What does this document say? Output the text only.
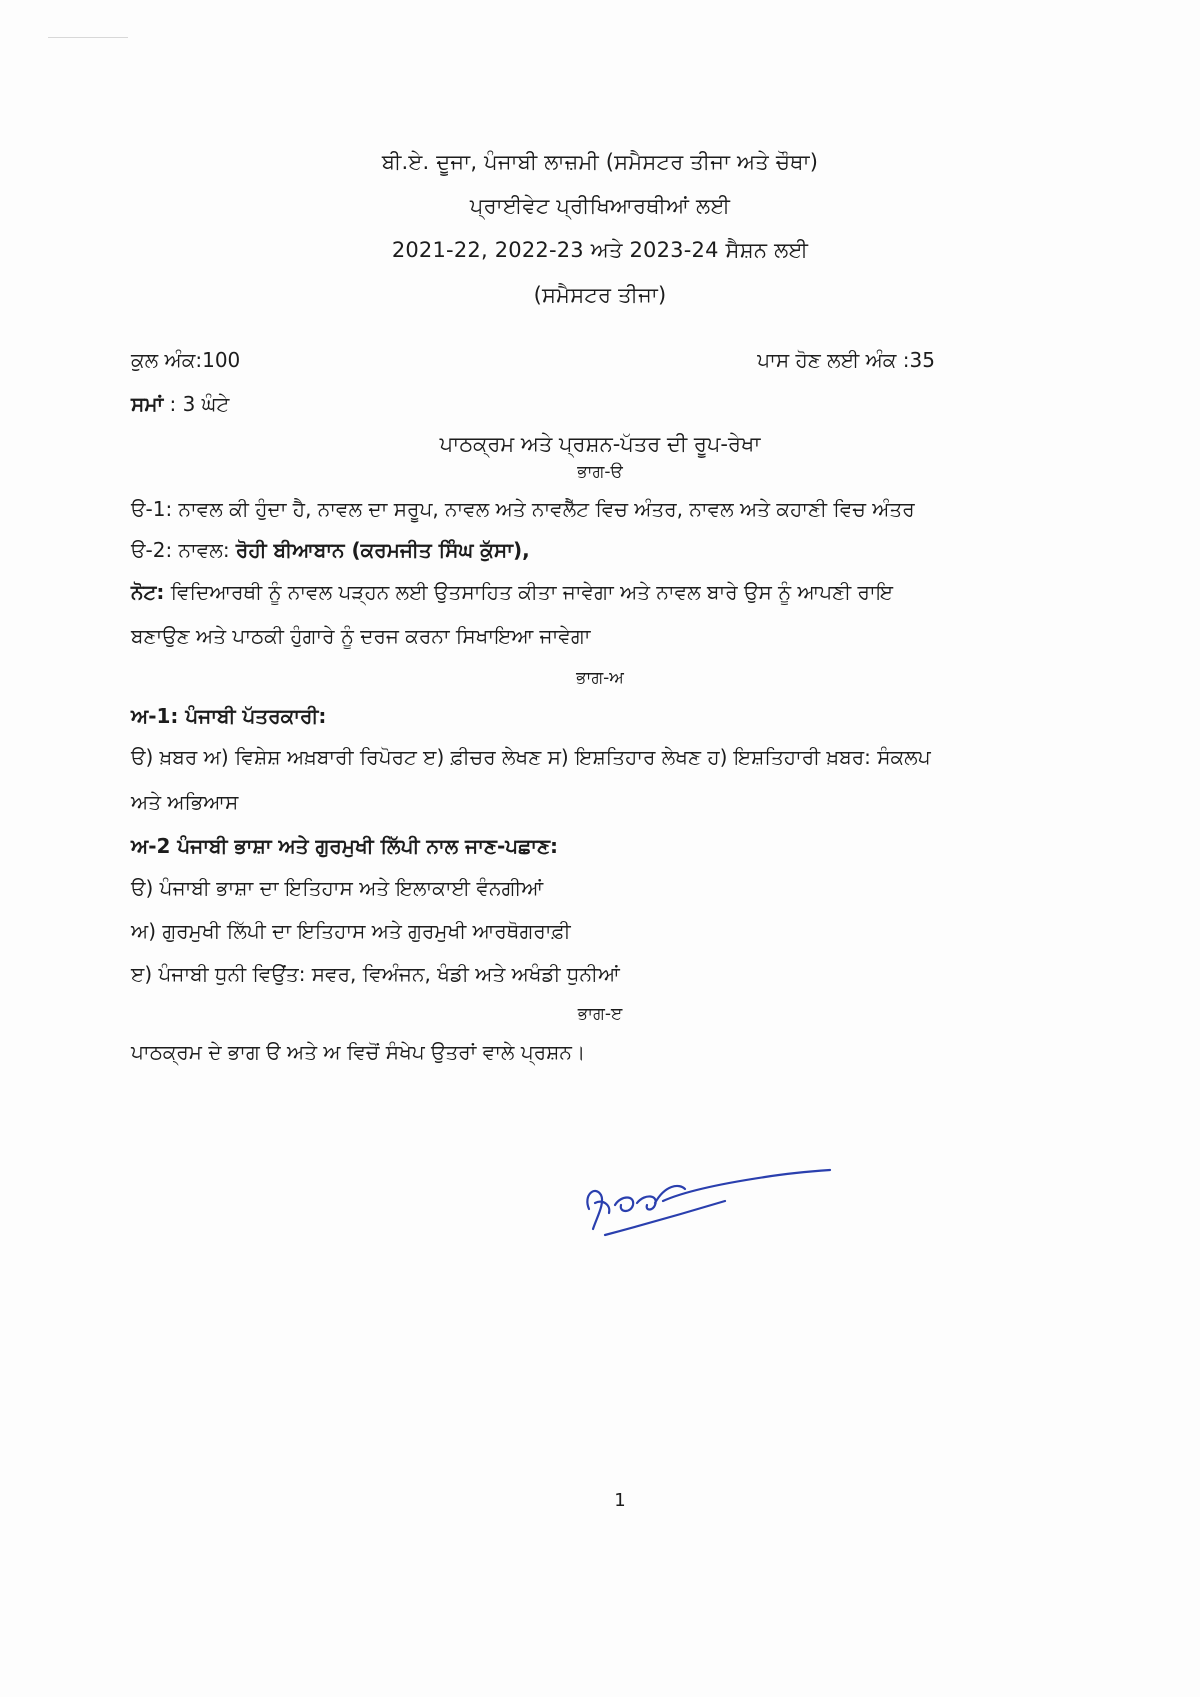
ਬੀ.ਏ. ਦੂਜਾ, ਪੰਜਾਬੀ ਲਾਜ਼ਮੀ (ਸਮੈਸਟਰ ਤੀਜਾ ਅਤੇ ਚੌਥਾ)
ਪ੍ਰਾਈਵੇਟ ਪ੍ਰੀਖਿਆਰਥੀਆਂ ਲਈ
2021-22, 2022-23 ਅਤੇ 2023-24 ਸੈਸ਼ਨ ਲਈ
(ਸਮੈਸਟਰ ਤੀਜਾ)
ਕੁਲ ਅੰਕ:100	ਪਾਸ ਹੋਣ ਲਈ ਅੰਕ :35
ਸਮਾਂ : 3 ਘੰਟੇ
ਪਾਠਕ੍ਰਮ ਅਤੇ ਪ੍ਰਸ਼ਨ-ਪੱਤਰ ਦੀ ਰੂਪ-ਰੇਖਾ
ਭਾਗ-ੳ
ੳ-1: ਨਾਵਲ ਕੀ ਹੁੰਦਾ ਹੈ, ਨਾਵਲ ਦਾ ਸਰੂਪ, ਨਾਵਲ ਅਤੇ ਨਾਵਲੈੱਟ ਵਿਚ ਅੰਤਰ, ਨਾਵਲ ਅਤੇ ਕਹਾਣੀ ਵਿਚ ਅੰਤਰ
ੳ-2: ਨਾਵਲ: ਰੋਹੀ ਬੀਆਬਾਨ (ਕਰਮਜੀਤ ਸਿੰਘ ਕੁੱਸਾ),
ਨੋਟ: ਵਿਦਿਆਰਥੀ ਨੂੰ ਨਾਵਲ ਪੜ੍ਹਨ ਲਈ ਉਤਸਾਹਿਤ ਕੀਤਾ ਜਾਵੇਗਾ ਅਤੇ ਨਾਵਲ ਬਾਰੇ ਉਸ ਨੂੰ ਆਪਣੀ ਰਾਇ
ਬਣਾਉਣ ਅਤੇ ਪਾਠਕੀ ਹੁੰਗਾਰੇ ਨੂੰ ਦਰਜ ਕਰਨਾ ਸਿਖਾਇਆ ਜਾਵੇਗਾ
ਭਾਗ-ਅ
ਅ-1: ਪੰਜਾਬੀ ਪੱਤਰਕਾਰੀ:
ੳ) ਖ਼ਬਰ ਅ) ਵਿਸ਼ੇਸ਼ ਅਖ਼ਬਾਰੀ ਰਿਪੋਰਟ ੲ) ਫ਼ੀਚਰ ਲੇਖਣ ਸ) ਇਸ਼ਤਿਹਾਰ ਲੇਖਣ ਹ) ਇਸ਼ਤਿਹਾਰੀ ਖ਼ਬਰ: ਸੰਕਲਪ
ਅਤੇ ਅਭਿਆਸ
ਅ-2 ਪੰਜਾਬੀ ਭਾਸ਼ਾ ਅਤੇ ਗੁਰਮੁਖੀ ਲਿੱਪੀ ਨਾਲ ਜਾਣ-ਪਛਾਣ:
ੳ) ਪੰਜਾਬੀ ਭਾਸ਼ਾ ਦਾ ਇਤਿਹਾਸ ਅਤੇ ਇਲਾਕਾਈ ਵੰਨਗੀਆਂ
ਅ) ਗੁਰਮੁਖੀ ਲਿੱਪੀ ਦਾ ਇਤਿਹਾਸ ਅਤੇ ਗੁਰਮੁਖੀ ਆਰਥੋਗਰਾਫ਼ੀ
ੲ) ਪੰਜਾਬੀ ਧੁਨੀ ਵਿਉਂਤ: ਸਵਰ, ਵਿਅੰਜਨ, ਖੰਡੀ ਅਤੇ ਅਖੰਡੀ ਧੁਨੀਆਂ
ਭਾਗ-ੲ
ਪਾਠਕ੍ਰਮ ਦੇ ਭਾਗ ੳ ਅਤੇ ਅ ਵਿਚੋਂ ਸੰਖੇਪ ਉਤਰਾਂ ਵਾਲੇ ਪ੍ਰਸ਼ਨ।
1
